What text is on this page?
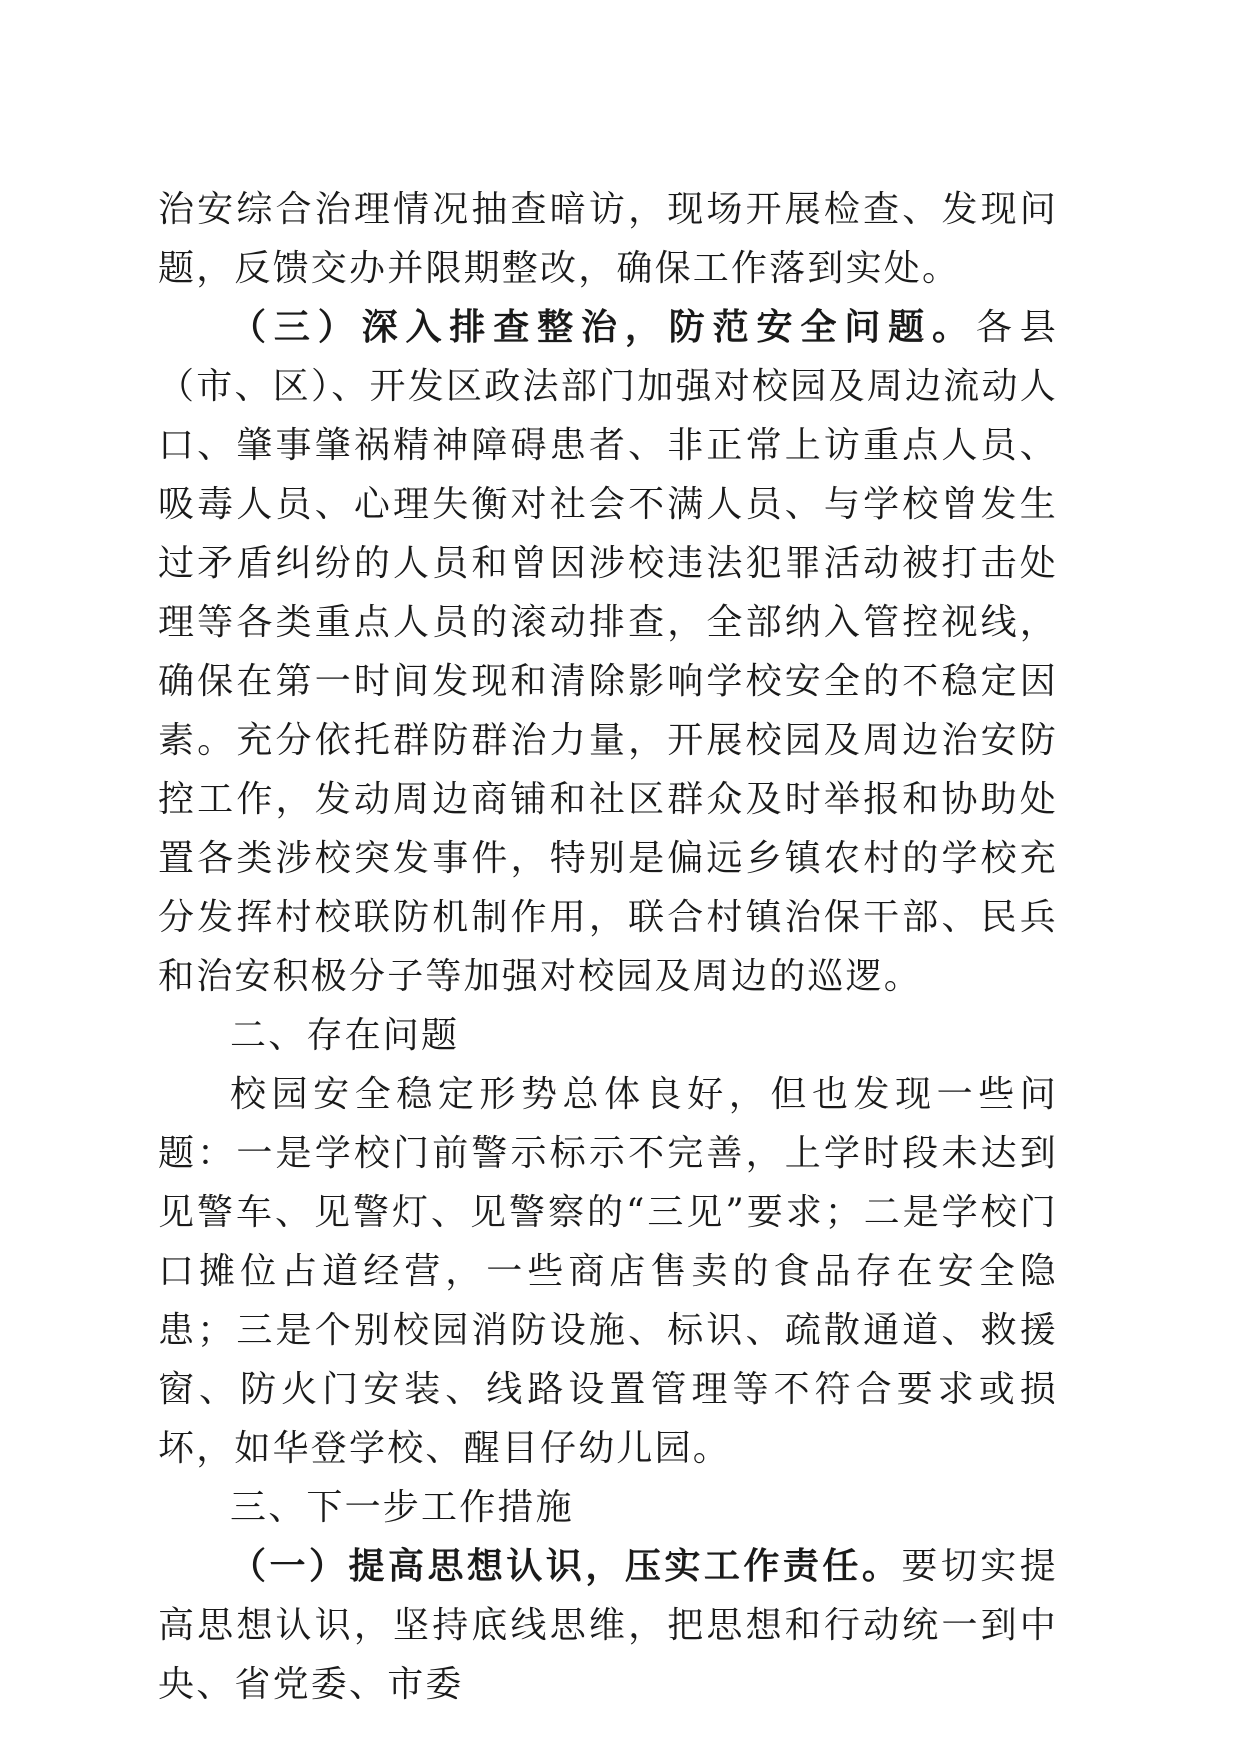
治安综合治理情况抽查暗访，现场开展检查、发现问题，反馈交办并限期整改，确保工作落到实处。

（三）深入排查整治，防范安全问题。各县（市、区）、开发区政法部门加强对校园及周边流动人口、肇事肇祸精神障碍患者、非正常上访重点人员、吸毒人员、心理失衡对社会不满人员、与学校曾发生过矛盾纠纷的人员和曾因涉校违法犯罪活动被打击处理等各类重点人员的滚动排查，全部纳入管控视线，确保在第一时间发现和清除影响学校安全的不稳定因素。充分依托群防群治力量，开展校园及周边治安防控工作，发动周边商铺和社区群众及时举报和协助处置各类涉校突发事件，特别是偏远乡镇农村的学校充分发挥村校联防机制作用，联合村镇治保干部、民兵和治安积极分子等加强对校园及周边的巡逻。

二、存在问题

校园安全稳定形势总体良好，但也发现一些问题：一是学校门前警示标示不完善，上学时段未达到见警车、见警灯、见警察的“三见”要求；二是学校门口摊位占道经营，一些商店售卖的食品存在安全隐患；三是个别校园消防设施、标识、疏散通道、救援窗、防火门安装、线路设置管理等不符合要求或损坏，如华登学校、醒目仔幼儿园。

三、下一步工作措施

（一）提高思想认识，压实工作责任。要切实提高思想认识，坚持底线思维，把思想和行动统一到中央、省党委、市委
